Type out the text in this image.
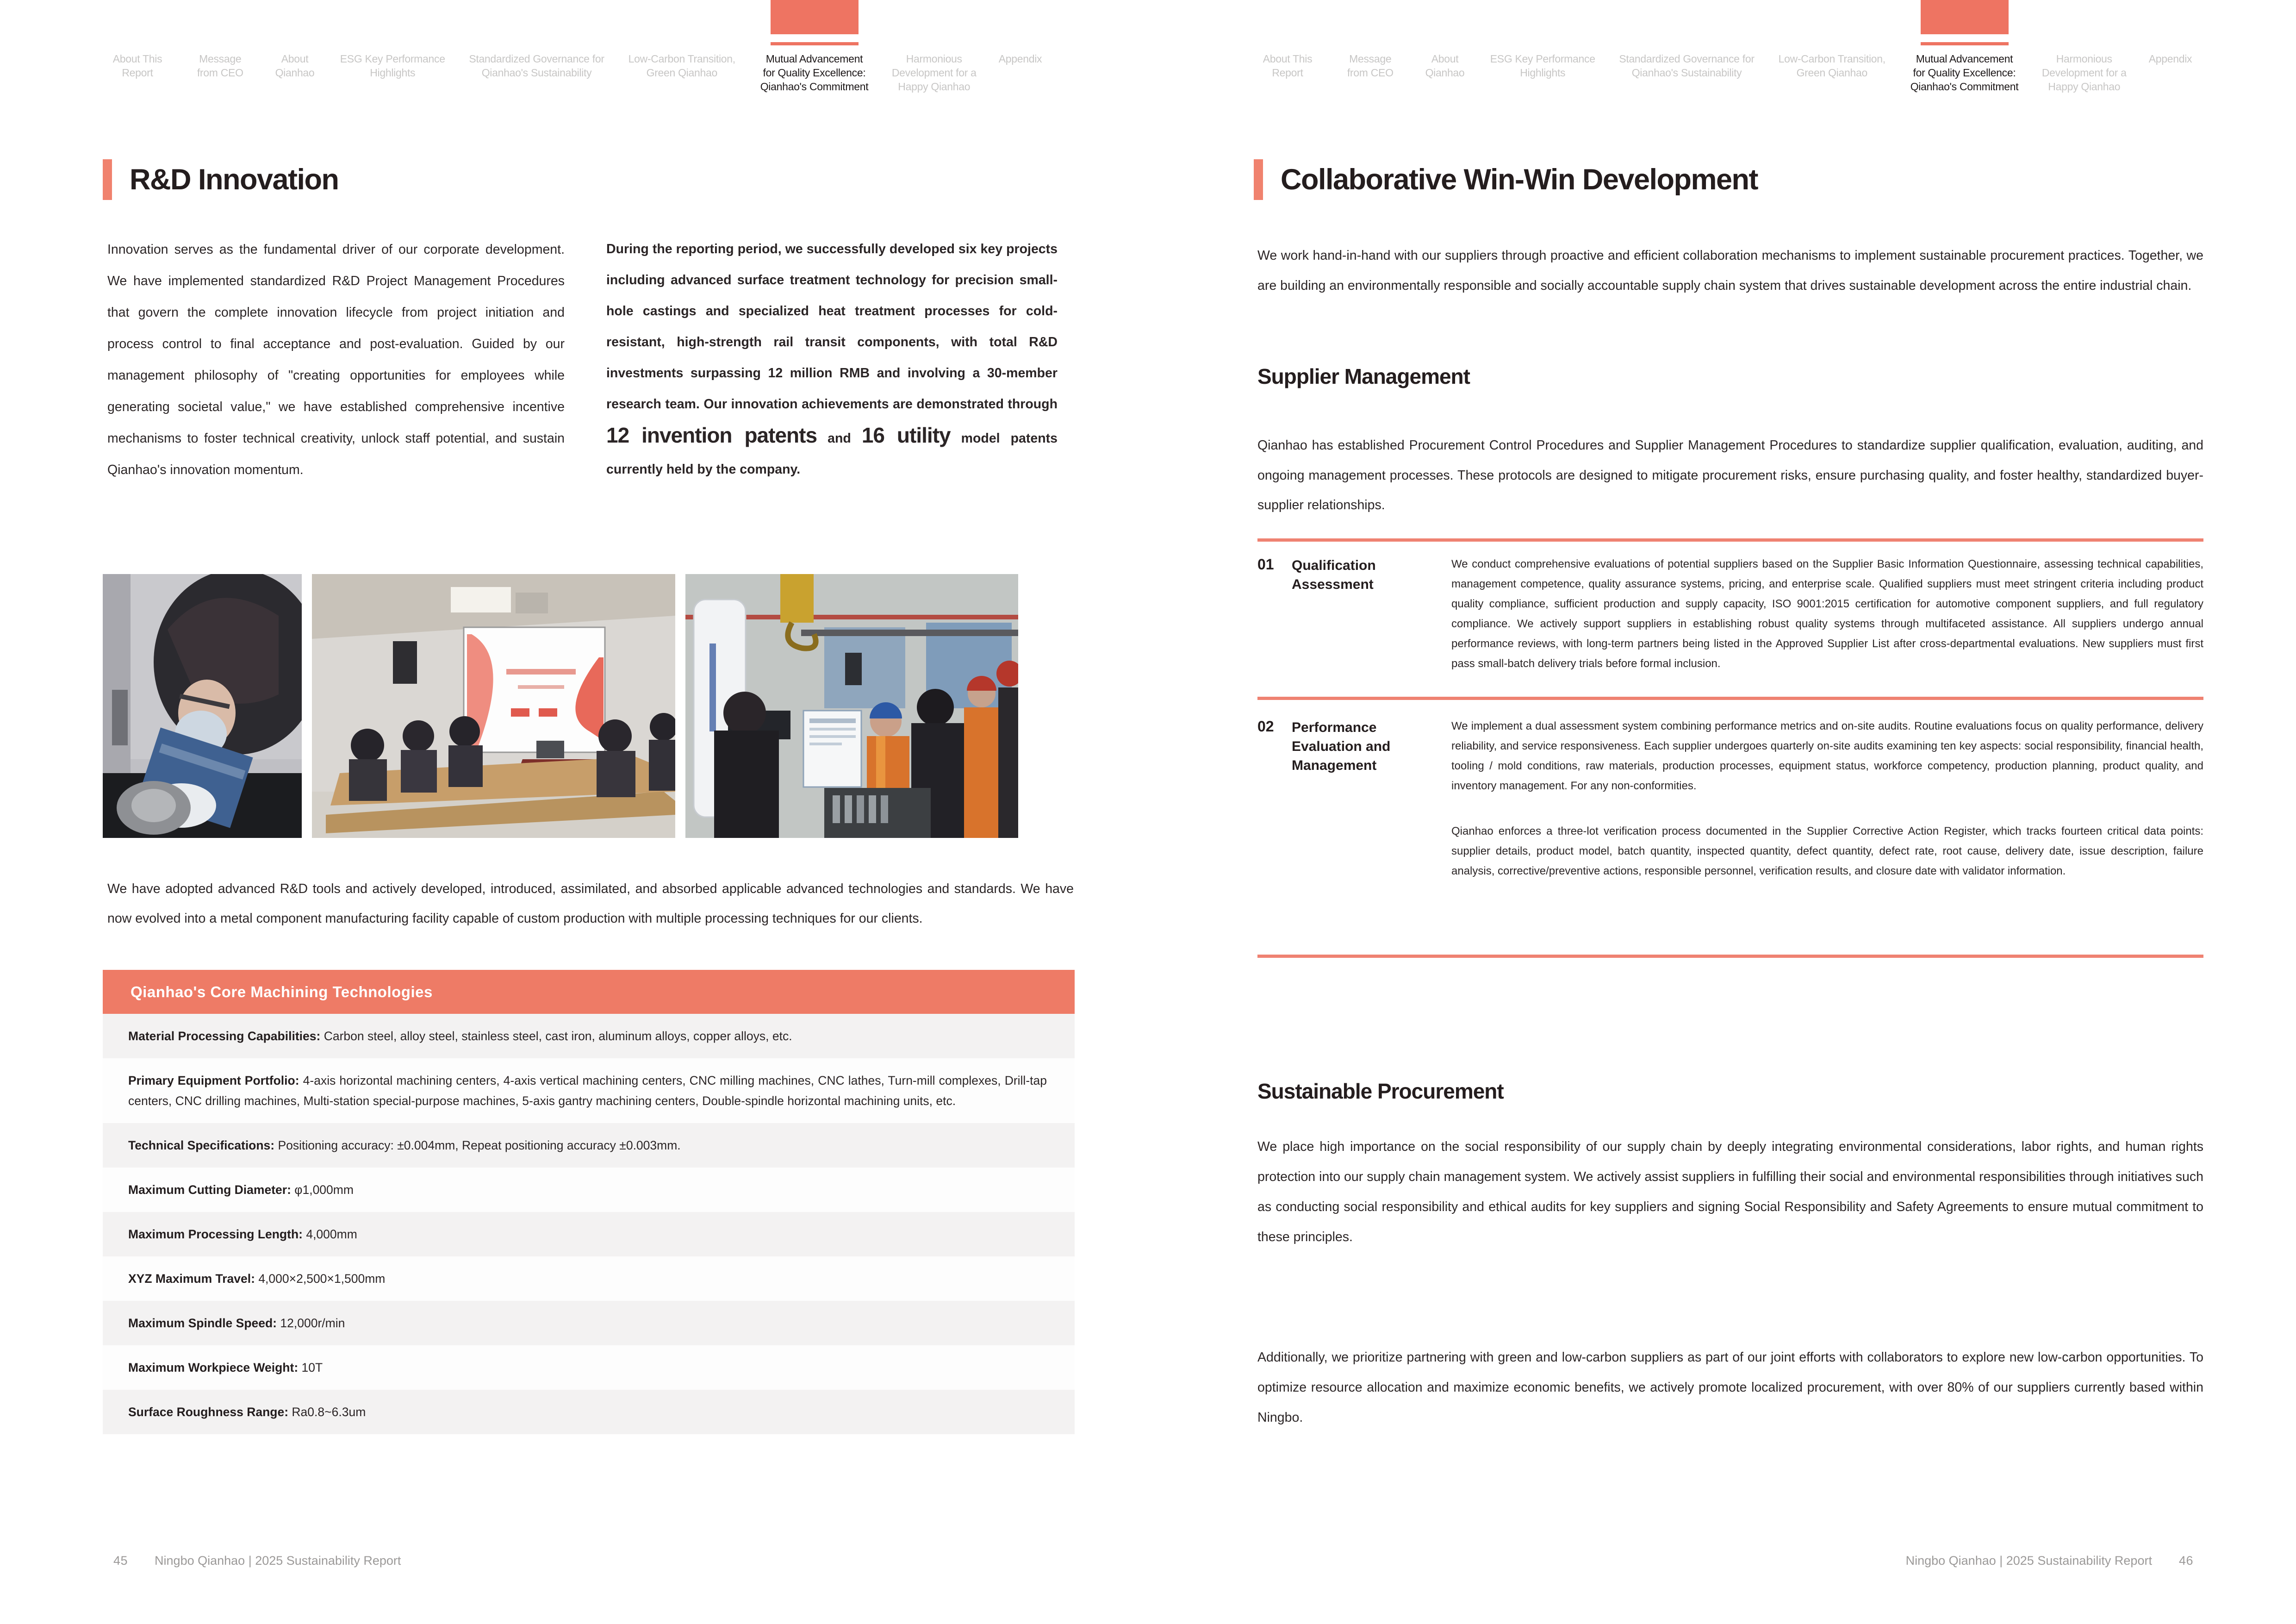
About This Report
Message from CEO
About Qianhao
ESG Key Performance Highlights
Standardized Governance for Qianhao's Sustainability
Low-Carbon Transition, Green Qianhao
Mutual Advancement for Quality Excellence: Qianhao's Commitment
Harmonious Development for a Happy Qianhao
Appendix
R&D Innovation

Innovation serves as the fundamental driver of our corporate development. We have implemented standardized R&D Project Management Procedures that govern the complete innovation lifecycle from project initiation and process control to final acceptance and post-evaluation. Guided by our management philosophy of "creating opportunities for employees while generating societal value," we have established comprehensive incentive mechanisms to foster technical creativity, unlock staff potential, and sustain Qianhao's innovation momentum.

During the reporting period, we successfully developed six key projects including advanced surface treatment technology for precision small-hole castings and specialized heat treatment processes for cold-resistant, high-strength rail transit components, with total R&D investments surpassing 12 million RMB and involving a 30-member research team. Our innovation achievements are demonstrated through 12 invention patents and 16 utility model patents currently held by the company.

We have adopted advanced R&D tools and actively developed, introduced, assimilated, and absorbed applicable advanced technologies and standards. We have now evolved into a metal component manufacturing facility capable of custom production with multiple processing techniques for our clients.

Qianhao's Core Machining Technologies

Material Processing Capabilities: Carbon steel, alloy steel, stainless steel, cast iron, aluminum alloys, copper alloys, etc.

Primary Equipment Portfolio: 4-axis horizontal machining centers, 4-axis vertical machining centers, CNC milling machines, CNC lathes, Turn-mill complexes, Drill-tap centers, CNC drilling machines, Multi-station special-purpose machines, 5-axis gantry machining centers, Double-spindle horizontal machining units, etc.

Technical Specifications: Positioning accuracy: ±0.004mm, Repeat positioning accuracy ±0.003mm.

Maximum Cutting Diameter: φ1,000mm

Maximum Processing Length: 4,000mm

XYZ Maximum Travel: 4,000×2,500×1,500mm

Maximum Spindle Speed: 12,000r/min

Maximum Workpiece Weight: 10T

Surface Roughness Range: Ra0.8~6.3um

45 Ningbo Qianhao | 2025 Sustainability Report
About This Report
Message from CEO
About Qianhao
ESG Key Performance Highlights
Standardized Governance for Qianhao's Sustainability
Low-Carbon Transition, Green Qianhao
Mutual Advancement for Quality Excellence: Qianhao's Commitment
Harmonious Development for a Happy Qianhao
Appendix
Collaborative Win-Win Development

We work hand-in-hand with our suppliers through proactive and efficient collaboration mechanisms to implement sustainable procurement practices. Together, we are building an environmentally responsible and socially accountable supply chain system that drives sustainable development across the entire industrial chain.

Supplier Management

Qianhao has established Procurement Control Procedures and Supplier Management Procedures to standardize supplier qualification, evaluation, auditing, and ongoing management processes. These protocols are designed to mitigate procurement risks, ensure purchasing quality, and foster healthy, standardized buyer-supplier relationships.

01 Qualification Assessment

We conduct comprehensive evaluations of potential suppliers based on the Supplier Basic Information Questionnaire, assessing technical capabilities, management competence, quality assurance systems, pricing, and enterprise scale. Qualified suppliers must meet stringent criteria including product quality compliance, sufficient production and supply capacity, ISO 9001:2015 certification for automotive component suppliers, and full regulatory compliance. We actively support suppliers in establishing robust quality systems through multifaceted assistance. All suppliers undergo annual performance reviews, with long-term partners being listed in the Approved Supplier List after cross-departmental evaluations. New suppliers must first pass small-batch delivery trials before formal inclusion.

02 Performance Evaluation and Management

We implement a dual assessment system combining performance metrics and on-site audits. Routine evaluations focus on quality performance, delivery reliability, and service responsiveness. Each supplier undergoes quarterly on-site audits examining ten key aspects: social responsibility, financial health, tooling / mold conditions, raw materials, production processes, equipment status, workforce competency, production planning, product quality, and inventory management. For any non-conformities.

Qianhao enforces a three-lot verification process documented in the Supplier Corrective Action Register, which tracks fourteen critical data points: supplier details, product model, batch quantity, inspected quantity, defect quantity, defect rate, root cause, delivery date, issue description, failure analysis, corrective/preventive actions, responsible personnel, verification results, and closure date with validator information.

Sustainable Procurement

We place high importance on the social responsibility of our supply chain by deeply integrating environmental considerations, labor rights, and human rights protection into our supply chain management system. We actively assist suppliers in fulfilling their social and environmental responsibilities through initiatives such as conducting social responsibility and ethical audits for key suppliers and signing Social Responsibility and Safety Agreements to ensure mutual commitment to these principles.

Additionally, we prioritize partnering with green and low-carbon suppliers as part of our joint efforts with collaborators to explore new low-carbon opportunities. To optimize resource allocation and maximize economic benefits, we actively promote localized procurement, with over 80% of our suppliers currently based within Ningbo.

Ningbo Qianhao | 2025 Sustainability Report 46
